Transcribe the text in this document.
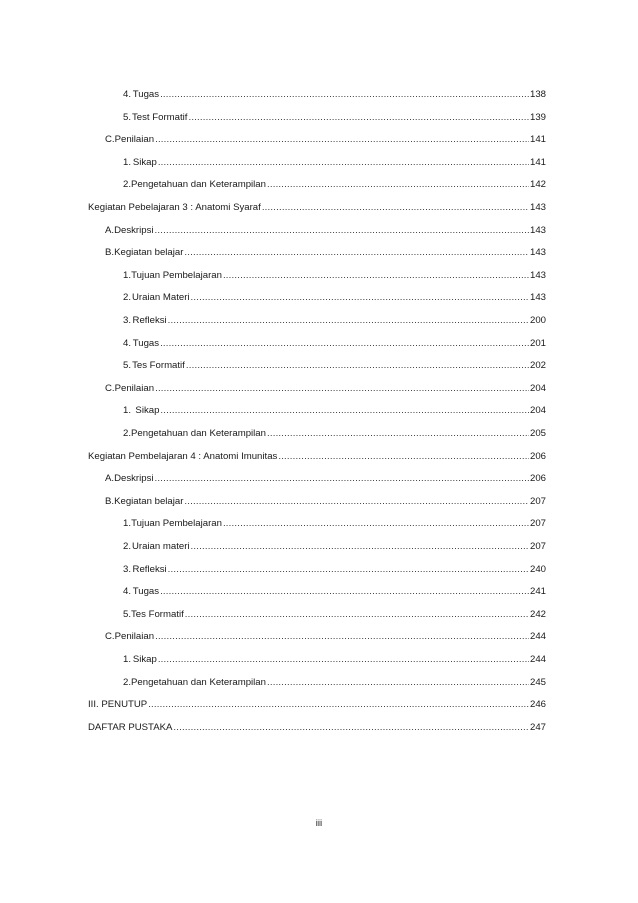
4. Tugas .....	138
5. Test Formatif .....	139
C. Penilaian .....	141
1. Sikap .....	141
2. Pengetahuan dan Keterampilan .....	142
Kegiatan Pebelajaran 3 : Anatomi Syaraf .....	143
A. Deskripsi .....	143
B. Kegiatan belajar .....	143
1. Tujuan Pembelajaran .....	143
2. Uraian Materi .....	143
3. Refleksi .....	200
4. Tugas .....	201
5. Tes Formatif .....	202
C. Penilaian .....	204
1. Sikap .....	204
2. Pengetahuan dan Keterampilan .....	205
Kegiatan Pembelajaran 4 : Anatomi Imunitas .....	206
A. Deskripsi .....	206
B. Kegiatan belajar .....	207
1. Tujuan Pembelajaran .....	207
2. Uraian materi .....	207
3. Refleksi .....	240
4. Tugas .....	241
5. Tes Formatif .....	242
C. Penilaian .....	244
1. Sikap .....	244
2. Pengetahuan dan Keterampilan .....	245
III. PENUTUP .....	246
DAFTAR PUSTAKA .....	247
iii
